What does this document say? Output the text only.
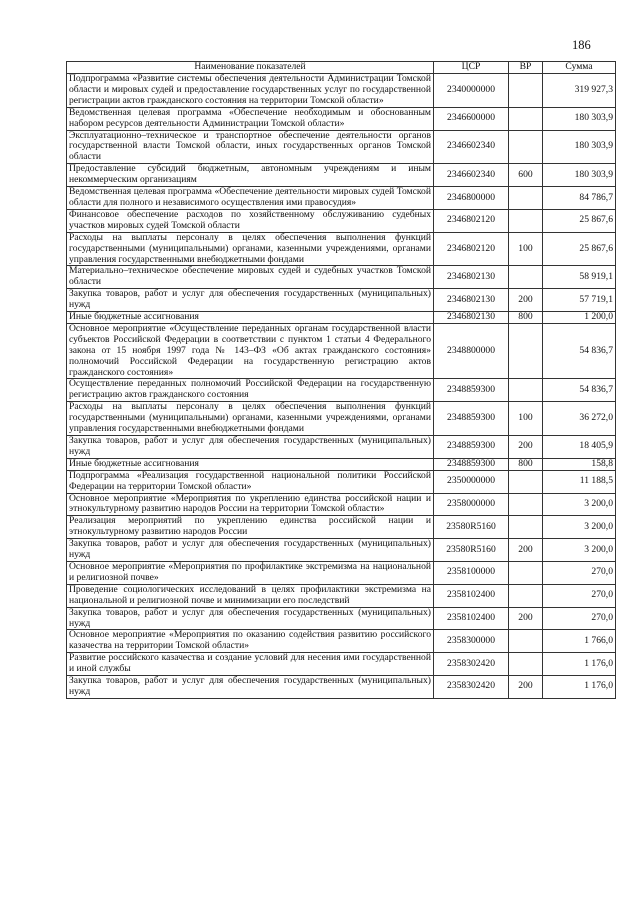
186
Наименование показателей	ЦСР	ВР	Сумма
Подпрограмма «Развитие системы обеспечения деятельности Администрации Томской области и мировых судей и предоставление государственных услуг по государственной регистрации актов гражданского состояния на территории Томской области»	2340000000		319 927,3
Ведомственная целевая программа «Обеспечение необходимым и обоснованным набором ресурсов деятельности Администрации Томской области»	2346600000		180 303,9
Эксплуатационно–техническое и транспортное обеспечение деятельности органов государственной власти Томской области, иных государственных органов Томской области	2346602340		180 303,9
Предоставление субсидий бюджетным, автономным учреждениям и иным некоммерческим организациям	2346602340	600	180 303,9
Ведомственная целевая программа «Обеспечение деятельности мировых судей Томской области для полного и независимого осуществления ими правосудия»	2346800000		84 786,7
Финансовое обеспечение расходов по хозяйственному обслуживанию судебных участков мировых судей Томской области	2346802120		25 867,6
Расходы на выплаты персоналу в целях обеспечения выполнения функций государственными (муниципальными) органами, казенными учреждениями, органами управления государственными внебюджетными фондами	2346802120	100	25 867,6
Материально–техническое обеспечение мировых судей и судебных участков Томской области	2346802130		58 919,1
Закупка товаров, работ и услуг для обеспечения государственных (муниципальных) нужд	2346802130	200	57 719,1
Иные бюджетные ассигнования	2346802130	800	1 200,0
Основное мероприятие «Осуществление переданных органам государственной власти субъектов Российской Федерации в соответствии с пунктом 1 статьи 4 Федерального закона от 15 ноября 1997 года № 143–ФЗ «Об актах гражданского состояния» полномочий Российской Федерации на государственную регистрацию актов гражданского состояния»	2348800000		54 836,7
Осуществление переданных полномочий Российской Федерации на государственную регистрацию актов гражданского состояния	2348859300		54 836,7
Расходы на выплаты персоналу в целях обеспечения выполнения функций государственными (муниципальными) органами, казенными учреждениями, органами управления государственными внебюджетными фондами	2348859300	100	36 272,0
Закупка товаров, работ и услуг для обеспечения государственных (муниципальных) нужд	2348859300	200	18 405,9
Иные бюджетные ассигнования	2348859300	800	158,8
Подпрограмма «Реализация государственной национальной политики Российской Федерации на территории Томской области»	2350000000		11 188,5
Основное мероприятие «Мероприятия по укреплению единства российской нации и этнокультурному развитию народов России на территории Томской области»	2358000000		3 200,0
Реализация мероприятий по укреплению единства российской нации и этнокультурному развитию народов России	23580R5160		3 200,0
Закупка товаров, работ и услуг для обеспечения государственных (муниципальных) нужд	23580R5160	200	3 200,0
Основное мероприятие «Мероприятия по профилактике экстремизма на национальной и религиозной почве»	2358100000		270,0
Проведение социологических исследований в целях профилактики экстремизма на национальной и религиозной почве и минимизации его последствий	2358102400		270,0
Закупка товаров, работ и услуг для обеспечения государственных (муниципальных) нужд	2358102400	200	270,0
Основное мероприятие «Мероприятия по оказанию содействия развитию российского казачества на территории Томской области»	2358300000		1 766,0
Развитие российского казачества и создание условий для несения ими государственной и иной службы	2358302420		1 176,0
Закупка товаров, работ и услуг для обеспечения государственных (муниципальных) нужд	2358302420	200	1 176,0
